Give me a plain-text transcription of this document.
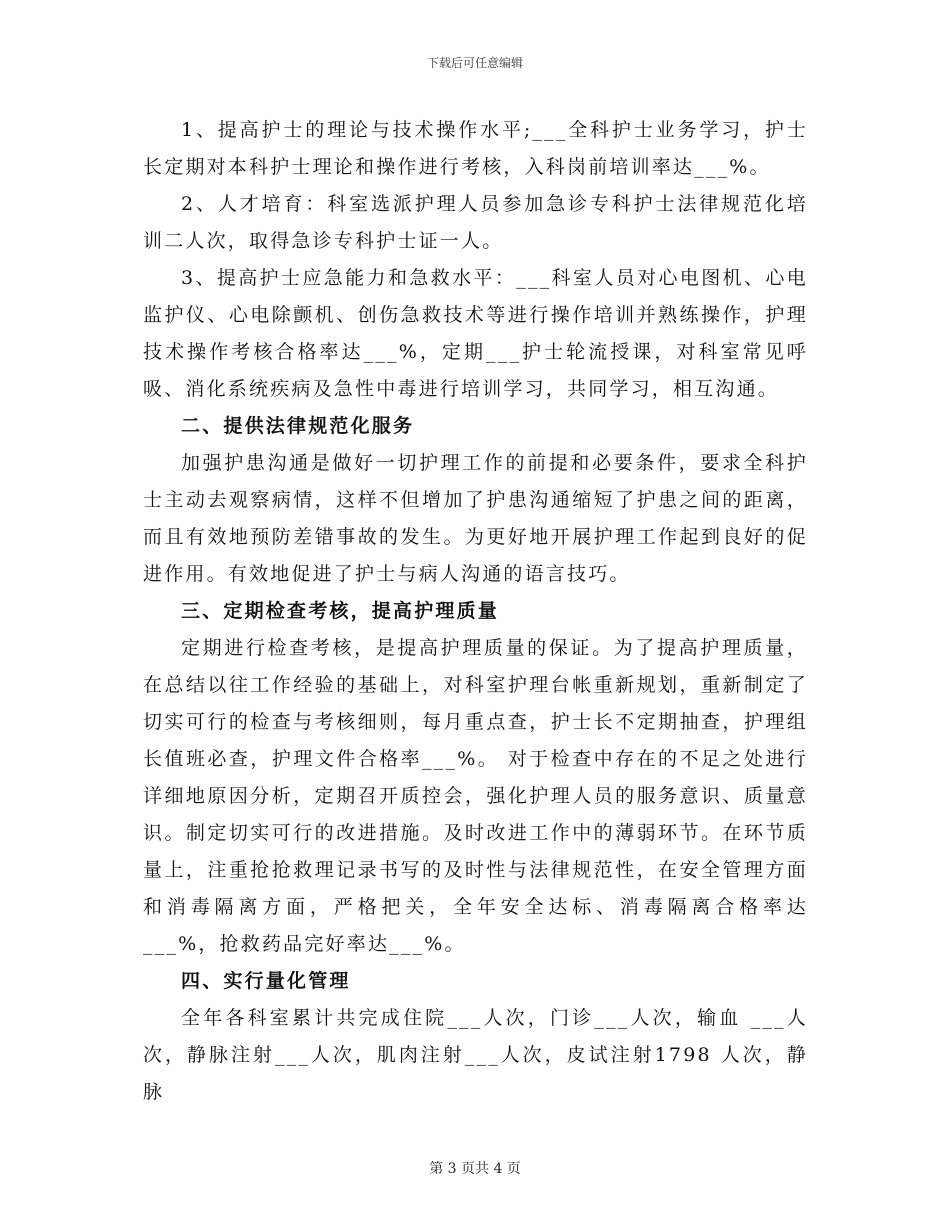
下载后可任意编辑

1、提高护士的理论与技术操作水平;___全科护士业务学习，护士长定期对本科护士理论和操作进行考核，入科岗前培训率达___%。

2、人才培育：科室选派护理人员参加急诊专科护士法律规范化培训二人次，取得急诊专科护士证一人。

3、提高护士应急能力和急救水平：___科室人员对心电图机、心电监护仪、心电除颤机、创伤急救技术等进行操作培训并熟练操作，护理技术操作考核合格率达___%，定期___护士轮流授课，对科室常见呼吸、消化系统疾病及急性中毒进行培训学习，共同学习，相互沟通。

二、提供法律规范化服务

加强护患沟通是做好一切护理工作的前提和必要条件，要求全科护士主动去观察病情，这样不但增加了护患沟通缩短了护患之间的距离，而且有效地预防差错事故的发生。为更好地开展护理工作起到良好的促进作用。有效地促进了护士与病人沟通的语言技巧。

三、定期检查考核，提高护理质量

定期进行检查考核，是提高护理质量的保证。为了提高护理质量，在总结以往工作经验的基础上，对科室护理台帐重新规划，重新制定了切实可行的检查与考核细则，每月重点查，护士长不定期抽查，护理组长值班必查，护理文件合格率___%。 对于检查中存在的不足之处进行详细地原因分析，定期召开质控会，强化护理人员的服务意识、质量意识。制定切实可行的改进措施。及时改进工作中的薄弱环节。在环节质量上，注重抢抢救理记录书写的及时性与法律规范性，在安全管理方面和消毒隔离方面，严格把关，全年安全达标、消毒隔离合格率达___%，抢救药品完好率达___%。

四、实行量化管理

全年各科室累计共完成住院___人次，门诊___人次，输血 ___人次，静脉注射___人次，肌肉注射___人次，皮试注射1798 人次，静脉

第 3 页共 4 页
